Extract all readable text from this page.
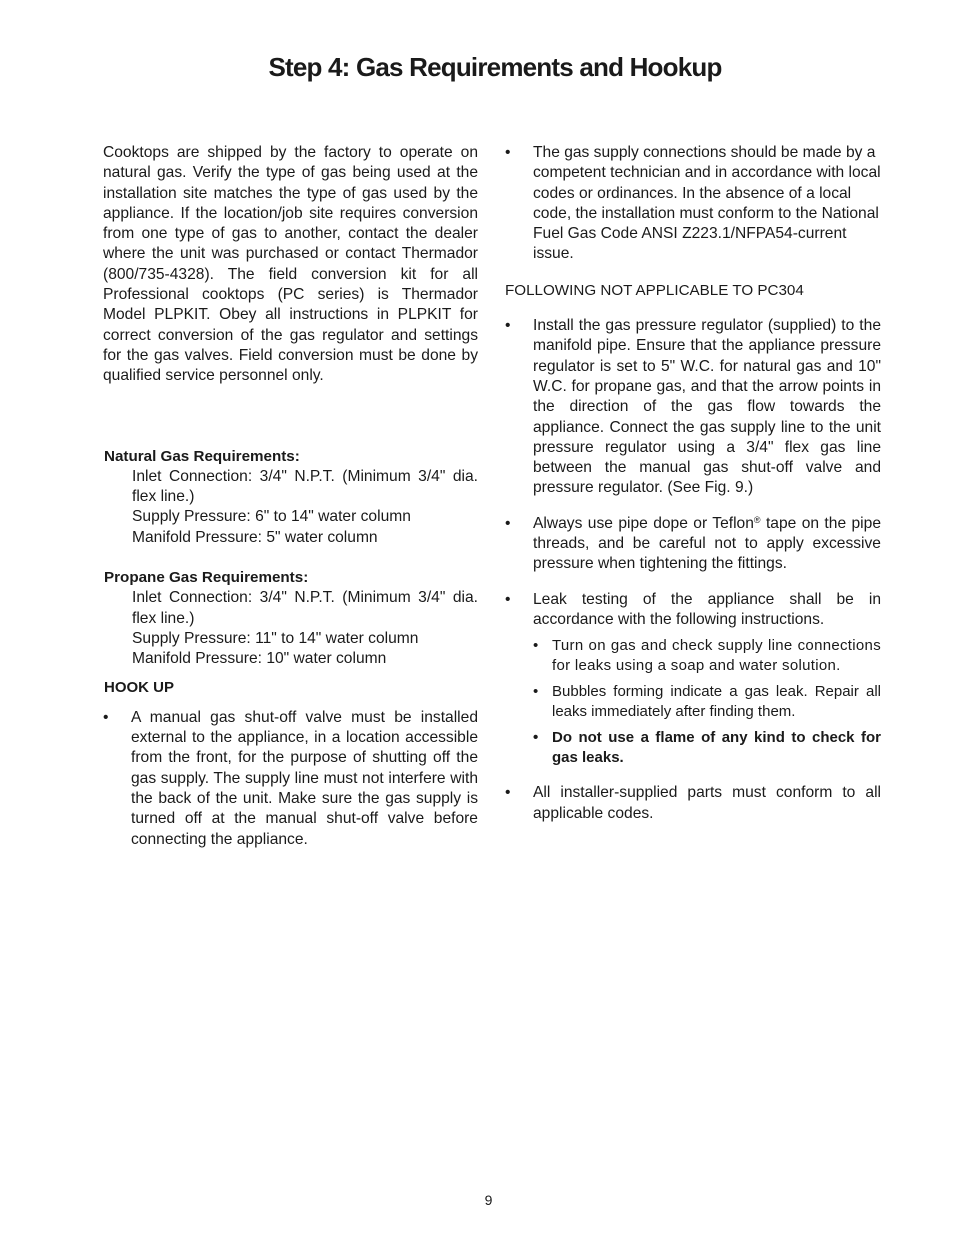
Step 4: Gas Requirements and Hookup

Cooktops are shipped by the factory to operate on natural gas. Verify the type of gas being used at the installation site matches the type of gas used by the appliance. If the location/job site requires conversion from one type of gas to another, contact the dealer where the unit was purchased or contact Thermador (800/735-4328). The field conversion kit for all Professional cooktops (PC series) is Thermador Model PLPKIT. Obey all instructions in PLPKIT for correct conversion of the gas regulator and settings for the gas valves. Field conversion must be done by qualified service personnel only.

Natural Gas Requirements:

Inlet Connection: 3/4" N.P.T. (Minimum 3/4" dia. flex line.)

Supply Pressure: 6" to 14" water column

Manifold Pressure: 5" water column

Propane Gas Requirements:

Inlet Connection: 3/4" N.P.T. (Minimum 3/4" dia. flex line.)

Supply Pressure: 11" to 14" water column

Manifold Pressure: 10" water column

HOOK UP

• A manual gas shut-off valve must be installed external to the appliance, in a location accessible from the front, for the purpose of shutting off the gas supply. The supply line must not interfere with the back of the unit. Make sure the gas supply is turned off at the manual shut-off valve before connecting the appliance.

• The gas supply connections should be made by a competent technician and in accordance with local codes or ordinances. In the absence of a local code, the installation must conform to the National Fuel Gas Code ANSI Z223.1/NFPA54-current issue.

FOLLOWING NOT APPLICABLE TO PC304

• Install the gas pressure regulator (supplied) to the manifold pipe. Ensure that the appliance pressure regulator is set to 5" W.C. for natural gas and 10" W.C. for propane gas, and that the arrow points in the direction of the gas flow towards the appliance. Connect the gas supply line to the unit pressure regulator using a 3/4" flex gas line between the manual gas shut-off valve and pressure regulator. (See Fig. 9.)

• Always use pipe dope or Teflon® tape on the pipe threads, and be careful not to apply excessive pressure when tightening the fittings.

• Leak testing of the appliance shall be in accordance with the following instructions.

• Turn on gas and check supply line connections for leaks using a soap and water solution.

• Bubbles forming indicate a gas leak. Repair all leaks immediately after finding them.

• Do not use a flame of any kind to check for gas leaks.

• All installer-supplied parts must conform to all applicable codes.

9
